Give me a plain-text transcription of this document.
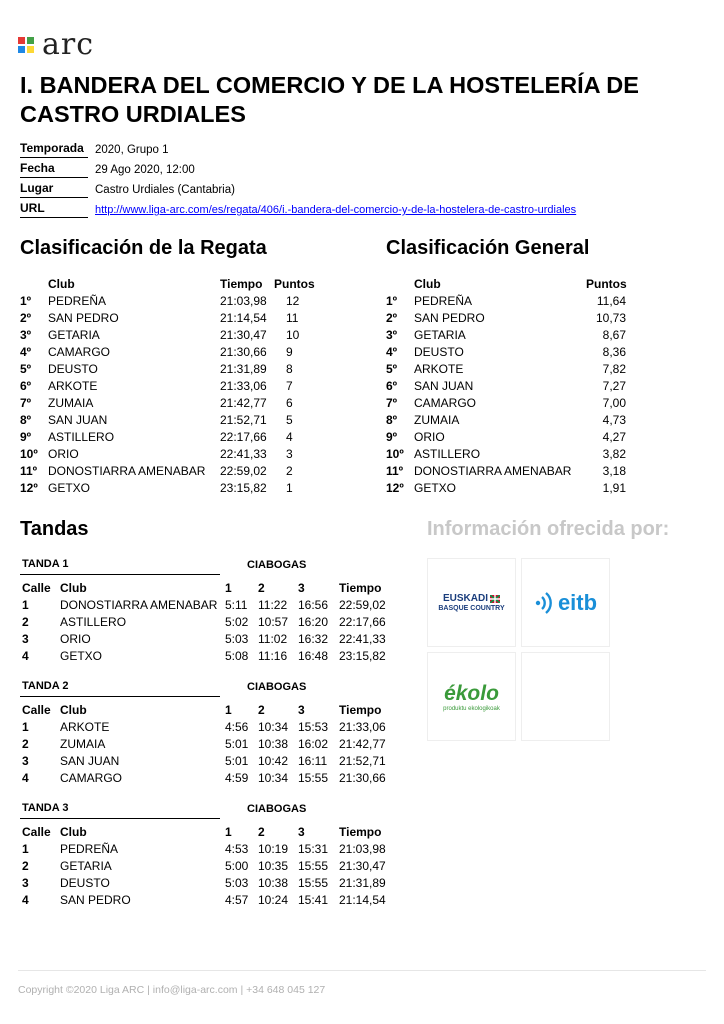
arc
I. BANDERA DEL COMERCIO Y DE LA HOSTELERÍA DE CASTRO URDIALES
Temporada 2020, Grupo 1
Fecha	29 Ago 2020, 12:00
Lugar	Castro Urdiales (Cantabria)
URL	http://www.liga-arc.com/es/regata/406/i.-bandera-del-comercio-y-de-la-hostelera-de-castro-urdiales
Clasificación de la Regata
Club	Tiempo Puntos
1º PEDREÑA	21:03,98 12
2º SAN PEDRO	21:14,54 11
3º GETARIA	21:30,47 10
4º CAMARGO	21:30,66 9
5º DEUSTO	21:31,89 8
6º ARKOTE	21:33,06 7
7º ZUMAIA	21:42,77 6
8º SAN JUAN	21:52,71 5
9º ASTILLERO	22:17,66 4
10º ORIO	22:41,33 3
11º DONOSTIARRA AMENABAR 22:59,02 2
12º GETXO	23:15,82 1
Clasificación General
Club	Puntos
1º PEDREÑA	11,64
2º SAN PEDRO	10,73
3º GETARIA	8,67
4º DEUSTO	8,36
5º ARKOTE	7,82
6º SAN JUAN	7,27
7º CAMARGO	7,00
8º ZUMAIA	4,73
9º ORIO	4,27
10º ASTILLERO	3,82
11º DONOSTIARRA AMENABAR	3,18
12º GETXO	1,91
Tandas
TANDA 1	CIABOGAS
Calle Club	1 2	3	Tiempo
1	DONOSTIARRA AMENABAR 5:11 11:22 16:56 22:59,02
2	ASTILLERO	5:02 10:57 16:20 22:17,66
3	ORIO	5:03 11:02 16:32 22:41,33
4	GETXO	5:08 11:16 16:48 23:15,82
TANDA 2	CIABOGAS
Calle Club	1 2	3	Tiempo
1	ARKOTE	4:56 10:34 15:53 21:33,06
2	ZUMAIA	5:01 10:38 16:02 21:42,77
3	SAN JUAN	5:01 10:42 16:11 21:52,71
4	CAMARGO	4:59 10:34 15:55 21:30,66
TANDA 3	CIABOGAS
Calle Club	1 2	3	Tiempo
1	PEDREÑA	4:53 10:19 15:31 21:03,98
2	GETARIA	5:00 10:35 15:55 21:30,47
3	DEUSTO	5:03 10:38 15:55 21:31,89
4	SAN PEDRO	4:57 10:24 15:41 21:14,54
Información ofrecida por:
EUSKADI
BASQUE COUNTRY eitb
ékolo
produktu ekologikoak
Copyright ©2020 Liga ARC | info@liga-arc.com | +34 648 045 127
